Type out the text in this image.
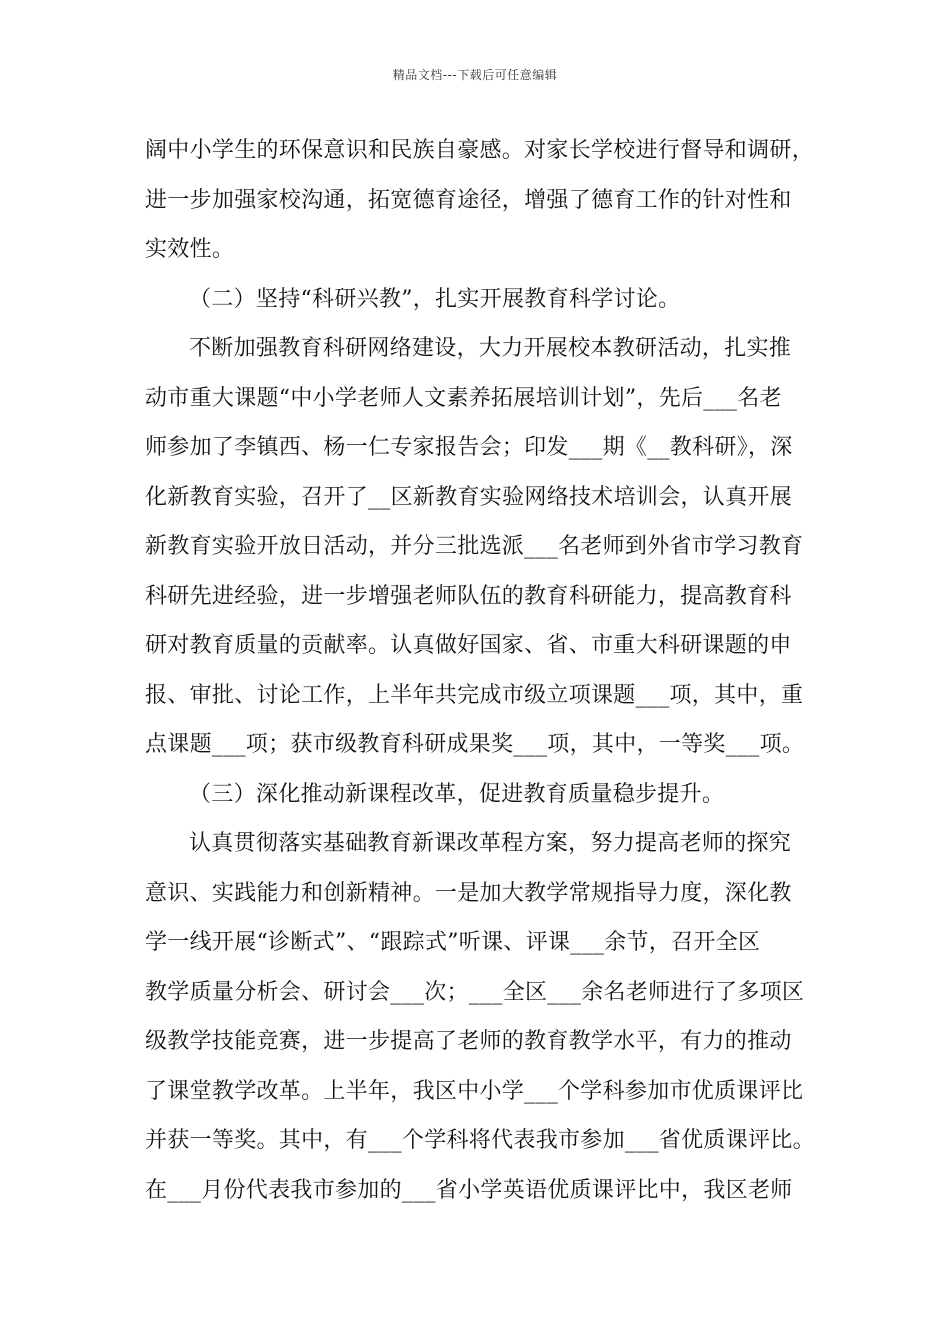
精品文档---下载后可任意编辑
阔中小学生的环保意识和民族自豪感。对家长学校进行督导和调研，
进一步加强家校沟通，拓宽德育途径，增强了德育工作的针对性和
实效性。
（二）坚持“科研兴教”，扎实开展教育科学讨论。
不断加强教育科研网络建设，大力开展校本教研活动，扎实推
动市重大课题“中小学老师人文素养拓展培训计划”，先后___名老
师参加了李镇西、杨一仁专家报告会；印发___期《__教科研》，深
化新教育实验，召开了__区新教育实验网络技术培训会，认真开展
新教育实验开放日活动，并分三批选派___名老师到外省市学习教育
科研先进经验，进一步增强老师队伍的教育科研能力，提高教育科
研对教育质量的贡献率。认真做好国家、省、市重大科研课题的申
报、审批、讨论工作，上半年共完成市级立项课题___项，其中，重
点课题___项；获市级教育科研成果奖___项，其中，一等奖___项。
（三）深化推动新课程改革，促进教育质量稳步提升。
认真贯彻落实基础教育新课改革程方案，努力提高老师的探究
意识、实践能力和创新精神。一是加大教学常规指导力度，深化教
学一线开展“诊断式”、“跟踪式”听课、评课___余节，召开全区
教学质量分析会、研讨会___次；___全区___余名老师进行了多项区
级教学技能竞赛，进一步提高了老师的教育教学水平，有力的推动
了课堂教学改革。上半年，我区中小学___个学科参加市优质课评比
并获一等奖。其中，有___个学科将代表我市参加___省优质课评比。
在___月份代表我市参加的___省小学英语优质课评比中，我区老师
